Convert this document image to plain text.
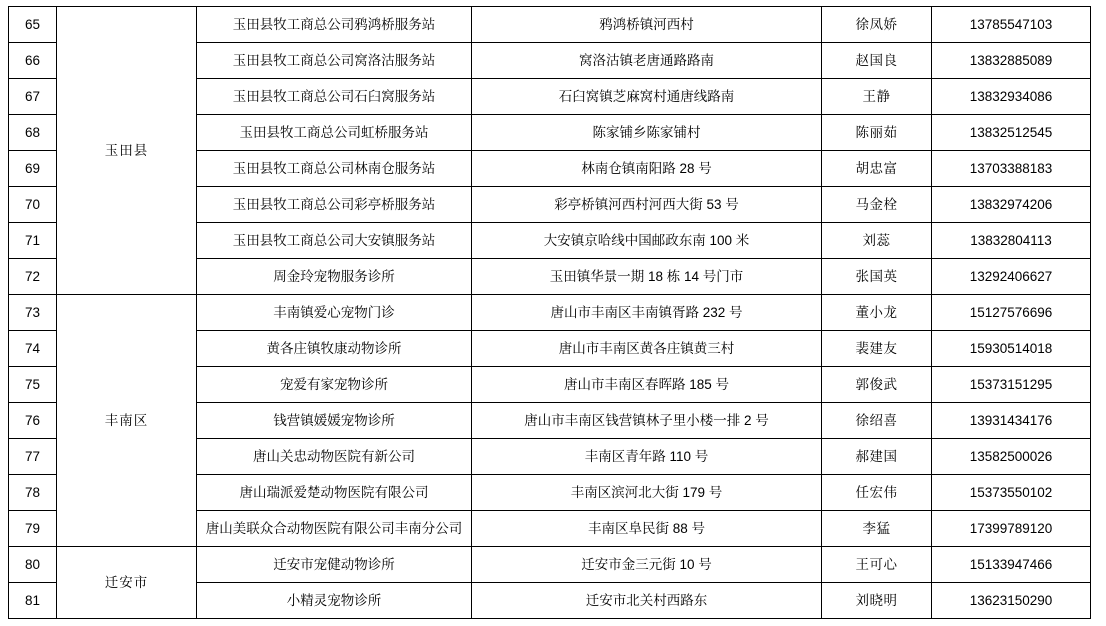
65	玉田县	玉田县牧工商总公司鸦鸿桥服务站	鸦鸿桥镇河西村	徐凤娇	13785547103
66		玉田县牧工商总公司窝洛沽服务站	窝洛沽镇老唐通路路南	赵国良	13832885089
67		玉田县牧工商总公司石臼窝服务站	石臼窝镇芝麻窝村通唐线路南	王静	13832934086
68		玉田县牧工商总公司虹桥服务站	陈家铺乡陈家铺村	陈丽茹	13832512545
69		玉田县牧工商总公司林南仓服务站	林南仓镇南阳路 28 号	胡忠富	13703388183
70		玉田县牧工商总公司彩亭桥服务站	彩亭桥镇河西村河西大街 53 号	马金栓	13832974206
71		玉田县牧工商总公司大安镇服务站	大安镇京哈线中国邮政东南 100 米	刘蕊	13832804113
72		周金玲宠物服务诊所	玉田镇华景一期 18 栋 14 号门市	张国英	13292406627
73	丰南区	丰南镇爱心宠物门诊	唐山市丰南区丰南镇胥路 232 号	董小龙	15127576696
74		黄各庄镇牧康动物诊所	唐山市丰南区黄各庄镇黄三村	裴建友	15930514018
75		宠爱有家宠物诊所	唐山市丰南区春晖路 185 号	郭俊武	15373151295
76		钱营镇媛媛宠物诊所	唐山市丰南区钱营镇林子里小楼一排 2 号	徐绍喜	13931434176
77		唐山关忠动物医院有新公司	丰南区青年路 110 号	郝建国	13582500026
78		唐山瑞派爱楚动物医院有限公司	丰南区滨河北大街 179 号	任宏伟	15373550102
79		唐山美联众合动物医院有限公司丰南分公司	丰南区阜民街 88 号	李猛	17399789120
80	迁安市	迁安市宠健动物诊所	迁安市金三元街 10 号	王可心	15133947466
81		小精灵宠物诊所	迁安市北关村西路东	刘晓明	13623150290
